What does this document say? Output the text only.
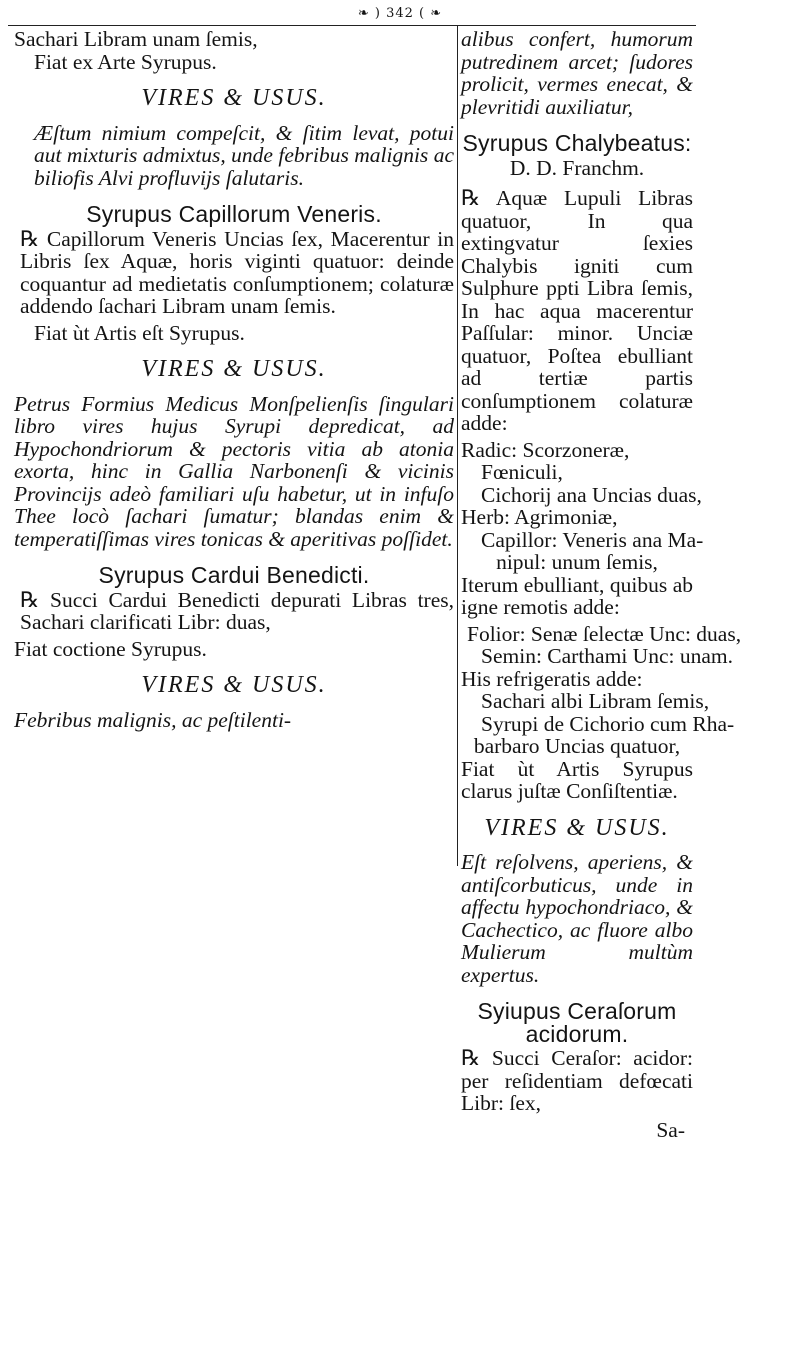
❧ ) 342 ( ❧

Sachari Libram unam ſemis,

Fiat ex Arte Syrupus.

VIRES & USUS.

Æſtum nimium compeſcit, & ſitim levat, potui aut mixturis admixtus, unde febribus malignis ac biliofis Alvi profluvijs ſalutaris.

Syrupus Capillorum Veneris.

℞ Capillorum Veneris Uncias ſex, Macerentur in Libris ſex Aquæ, horis viginti quatuor: deinde coquantur ad medietatis conſumptionem; colaturæ addendo ſachari Libram unam ſemis.

Fiat ùt Artis eſt Syrupus.

VIRES & USUS.

Petrus Formius Medicus Monſpelienſis ſingulari libro vires hujus Syrupi depredicat, ad Hypochondriorum & pectoris vitia ab atonia exorta, hinc in Gallia Narbonenſi & vicinis Provincijs adeò familiari uſu habetur, ut in infuſo Thee locò ſachari ſumatur; blandas enim & temperatiſſimas vires tonicas & aperitivas poſſidet.

Syrupus Cardui Benedicti.

℞ Succi Cardui Benedicti depurati Libras tres, Sachari clarificati Libr: duas,

Fiat coctione Syrupus.

VIRES & USUS.

Febribus malignis, ac peſtilenti-

alibus confert, humorum putredinem arcet; ſudores prolicit, vermes enecat, & plevritidi auxiliatur,

Syrupus Chalybeatus:
D. D. Franchm.

℞ Aquæ Lupuli Libras quatuor, In qua extingvatur ſexies Chalybis igniti cum Sulphure ppti Libra ſemis, In hac aqua macerentur Paſſular: minor. Unciæ quatuor, Poſtea ebulliant ad tertiæ partis conſumptionem colaturæ adde:

Radic: Scorzoneræ,

Fœniculi,

Cichorij ana Uncias duas,

Herb: Agrimoniæ,

Capillor: Veneris ana Ma-

nipul: unum ſemis,

Iterum ebulliant, quibus ab igne remotis adde:

Folior: Senæ ſelectæ Unc: duas,

Semin: Carthami Unc: unam.

His refrigeratis adde:

Sachari albi Libram ſemis,

Syrupi de Cichorio cum Rha-

barbaro Uncias quatuor,

Fiat ùt Artis Syrupus clarus juſtæ Conſiſtentiæ.

VIRES & USUS.

Eſt reſolvens, aperiens, & antiſcorbuticus, unde in affectu hypochondriaco, & Cachectico, ac fluore albo Mulierum multùm expertus.

Syiupus Ceraſorum acidorum.

℞ Succi Ceraſor: acidor: per reſidentiam defœcati Libr: ſex,

Sa-
